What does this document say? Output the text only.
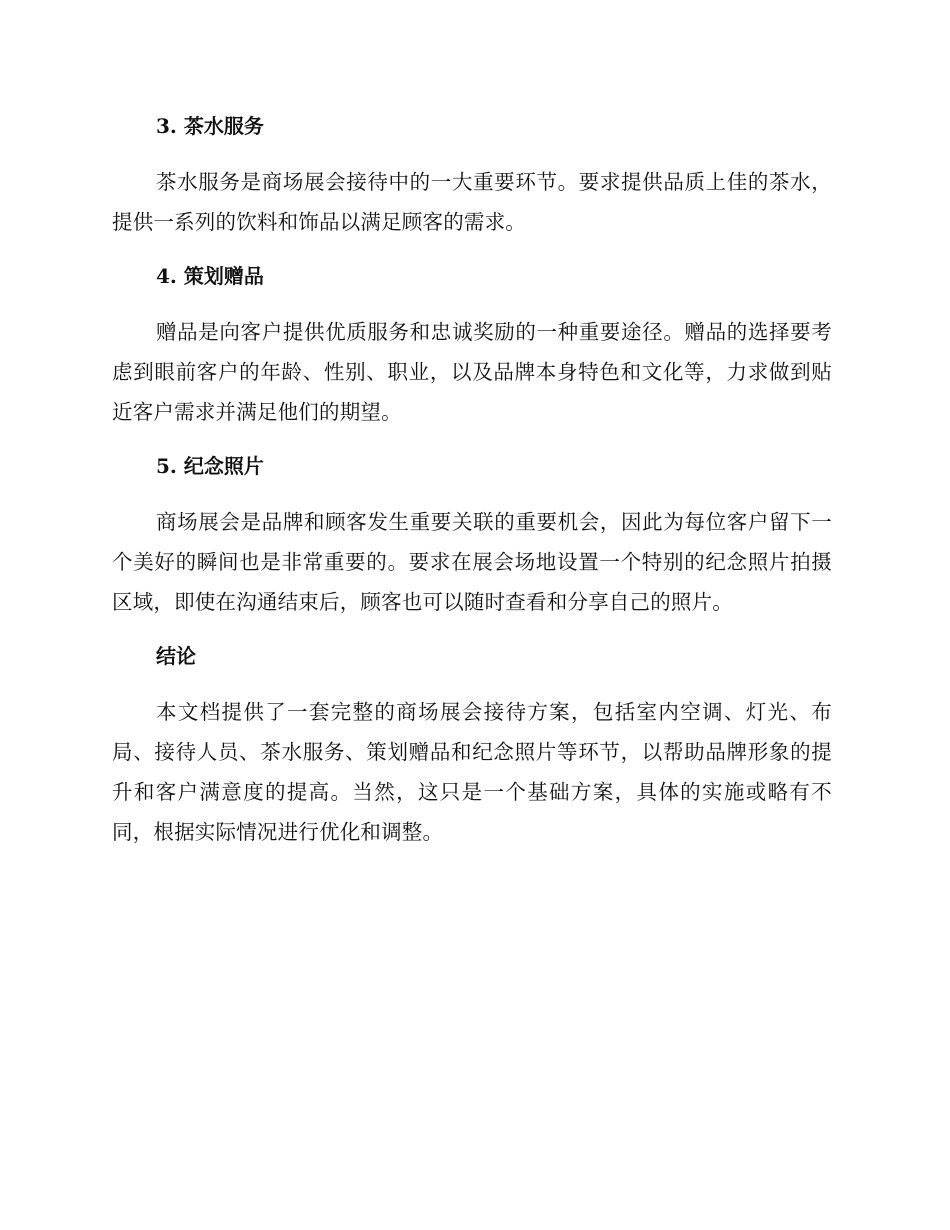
3. 茶水服务

茶水服务是商场展会接待中的一大重要环节。要求提供品质上佳的茶水，提供一系列的饮料和饰品以满足顾客的需求。

4. 策划赠品

赠品是向客户提供优质服务和忠诚奖励的一种重要途径。赠品的选择要考虑到眼前客户的年龄、性别、职业，以及品牌本身特色和文化等，力求做到贴近客户需求并满足他们的期望。

5. 纪念照片

商场展会是品牌和顾客发生重要关联的重要机会，因此为每位客户留下一个美好的瞬间也是非常重要的。要求在展会场地设置一个特别的纪念照片拍摄区域，即使在沟通结束后，顾客也可以随时查看和分享自己的照片。

结论

本文档提供了一套完整的商场展会接待方案，包括室内空调、灯光、布局、接待人员、茶水服务、策划赠品和纪念照片等环节，以帮助品牌形象的提升和客户满意度的提高。当然，这只是一个基础方案，具体的实施或略有不同，根据实际情况进行优化和调整。
